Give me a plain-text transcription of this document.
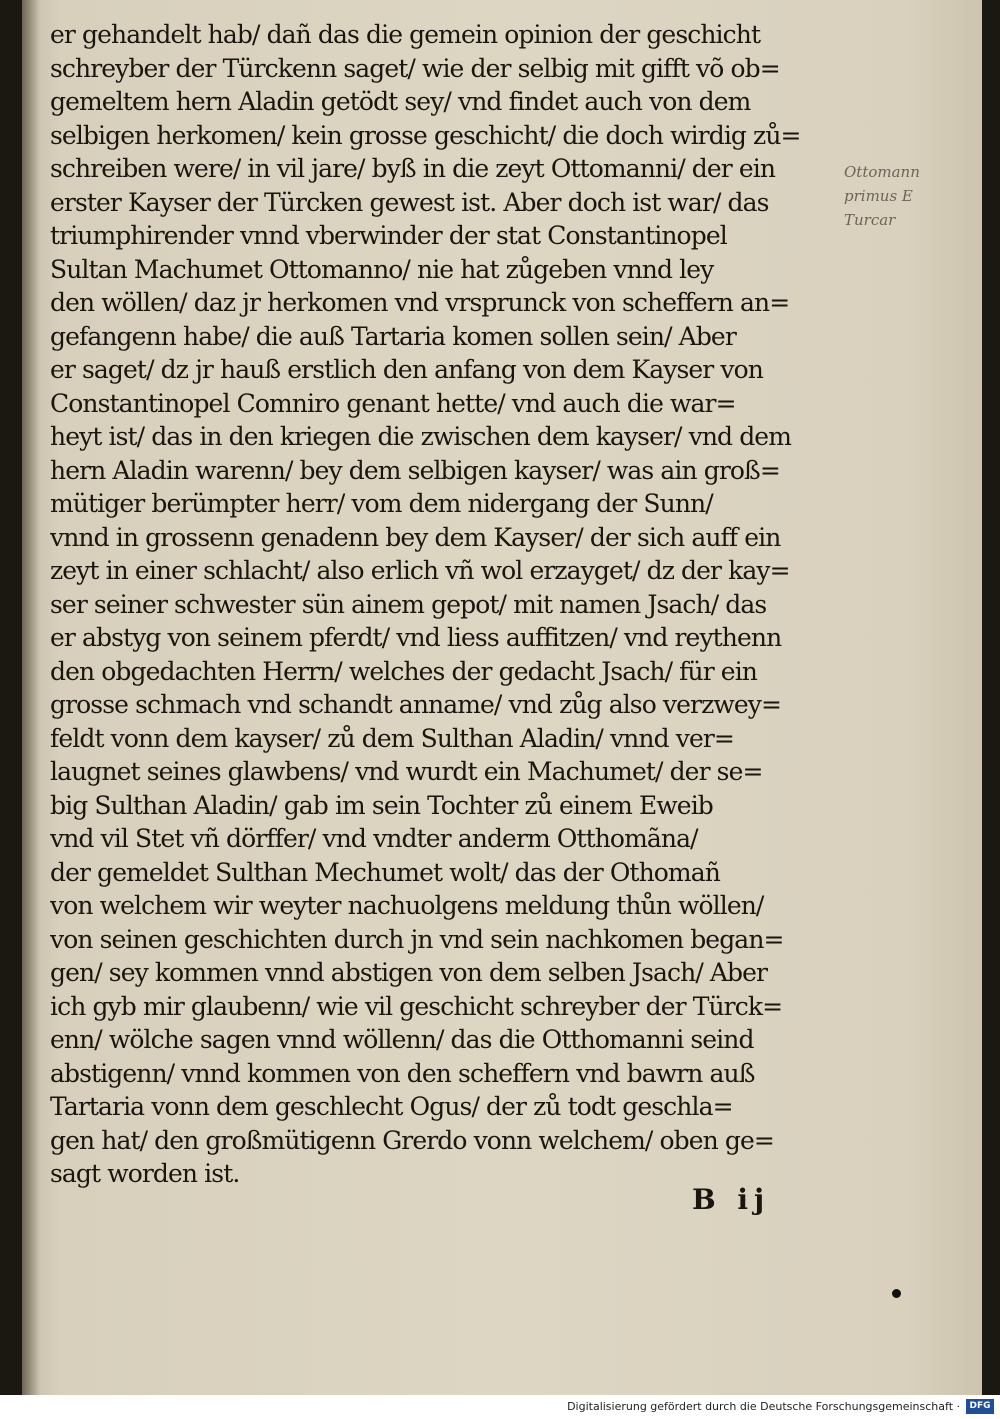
er gehandelt hab/ dañ das die gemein opinion der geschicht
schreyber der Türckenn saget/ wie der selbig mit gifft võ ob=
gemeltem hern Aladin getödt sey/ vnd findet auch von dem
selbigen herkomen/ kein grosse geschicht/ die doch wirdig zů=
schreiben were/ in vil jare/ byß in die zeyt Ottomanni/ der ein
erster Kayser der Türcken gewest ist. Aber doch ist war/ das
triumphirender vnnd vberwinder der stat Constantinopel
Sultan Machumet Ottomanno/ nie hat zůgeben vnnd ley
den wöllen/ daz jr herkomen vnd vrsprunck von scheffern an=
gefangenn habe/ die auß Tartaria komen sollen sein/ Aber
er saget/ dz jr hauß erstlich den anfang von dem Kayser von
Constantinopel Comniro genant hette/ vnd auch die war=
heyt ist/ das in den kriegen die zwischen dem kayser/ vnd dem
hern Aladin warenn/ bey dem selbigen kayser/ was ain groß=
mütiger berümpter herr/ vom dem nidergang der Sunn/
vnnd in grossenn genadenn bey dem Kayser/ der sich auff ein
zeyt in einer schlacht/ also erlich vñ wol erzayget/ dz der kay=
ser seiner schwester sün ainem gepot/ mit namen Jsach/ das
er abstyg von seinem pferdt/ vnd liess auffitzen/ vnd reythenn
den obgedachten Herrn/ welches der gedacht Jsach/ für ein
grosse schmach vnd schandt anname/ vnd zůg also verzwey=
feldt vonn dem kayser/ zů dem Sulthan Aladin/ vnnd ver=
laugnet seines glawbens/ vnd wurdt ein Machumet/ der se=
big Sulthan Aladin/ gab im sein Tochter zů einem Eweib
vnd vil Stet vñ dörffer/ vnd vndter anderm Otthomãna/
der gemeldet Sulthan Mechumet wolt/ das der Othomañ
von welchem wir weyter nachuolgens meldung thůn wöllen/
von seinen geschichten durch jn vnd sein nachkomen began=
gen/ sey kommen vnnd abstigen von dem selben Jsach/ Aber
ich gyb mir glaubenn/ wie vil geschicht schreyber der Türck=
enn/ wölche sagen vnnd wöllenn/ das die Otthomanni seind
abstigenn/ vnnd kommen von den scheffern vnd bawrn auß
Tartaria vonn dem geschlecht Ogus/ der zů todt geschla=
gen hat/ den großmütigenn Grerdo vonn welchem/ oben ge=
sagt worden ist.
B ij
Ottomann
primus E
Turcar
Digitalisierung gefördert durch die Deutsche Forschungsgemeinschaft ·	DFG
